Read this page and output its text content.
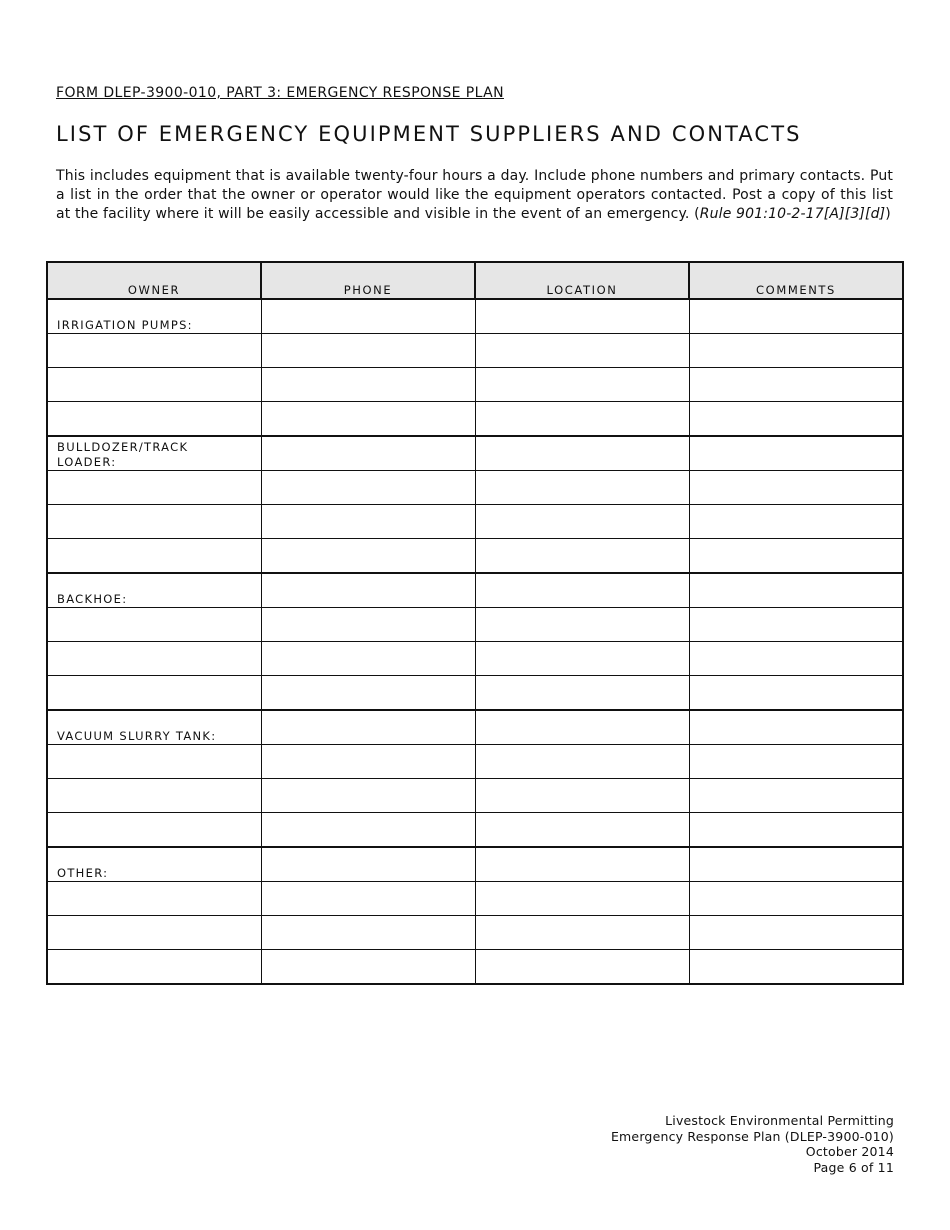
FORM DLEP-3900-010, PART 3: EMERGENCY RESPONSE PLAN
LIST OF EMERGENCY EQUIPMENT SUPPLIERS AND CONTACTS

This includes equipment that is available twenty-four hours a day. Include phone numbers and primary contacts. Put a list in the order that the owner or operator would like the equipment operators contacted. Post a copy of this list at the facility where it will be easily accessible and visible in the event of an emergency. (Rule 901:10-2-17[A][3][d])

OWNER	PHONE	LOCATION	COMMENTS

IRRIGATION PUMPS:			

BULLDOZER/TRACK LOADER:			

BACKHOE:			

VACUUM SLURRY TANK:			

OTHER:			

Livestock Environmental Permitting
Emergency Response Plan (DLEP-3900-010)
October 2014
Page 6 of 11
